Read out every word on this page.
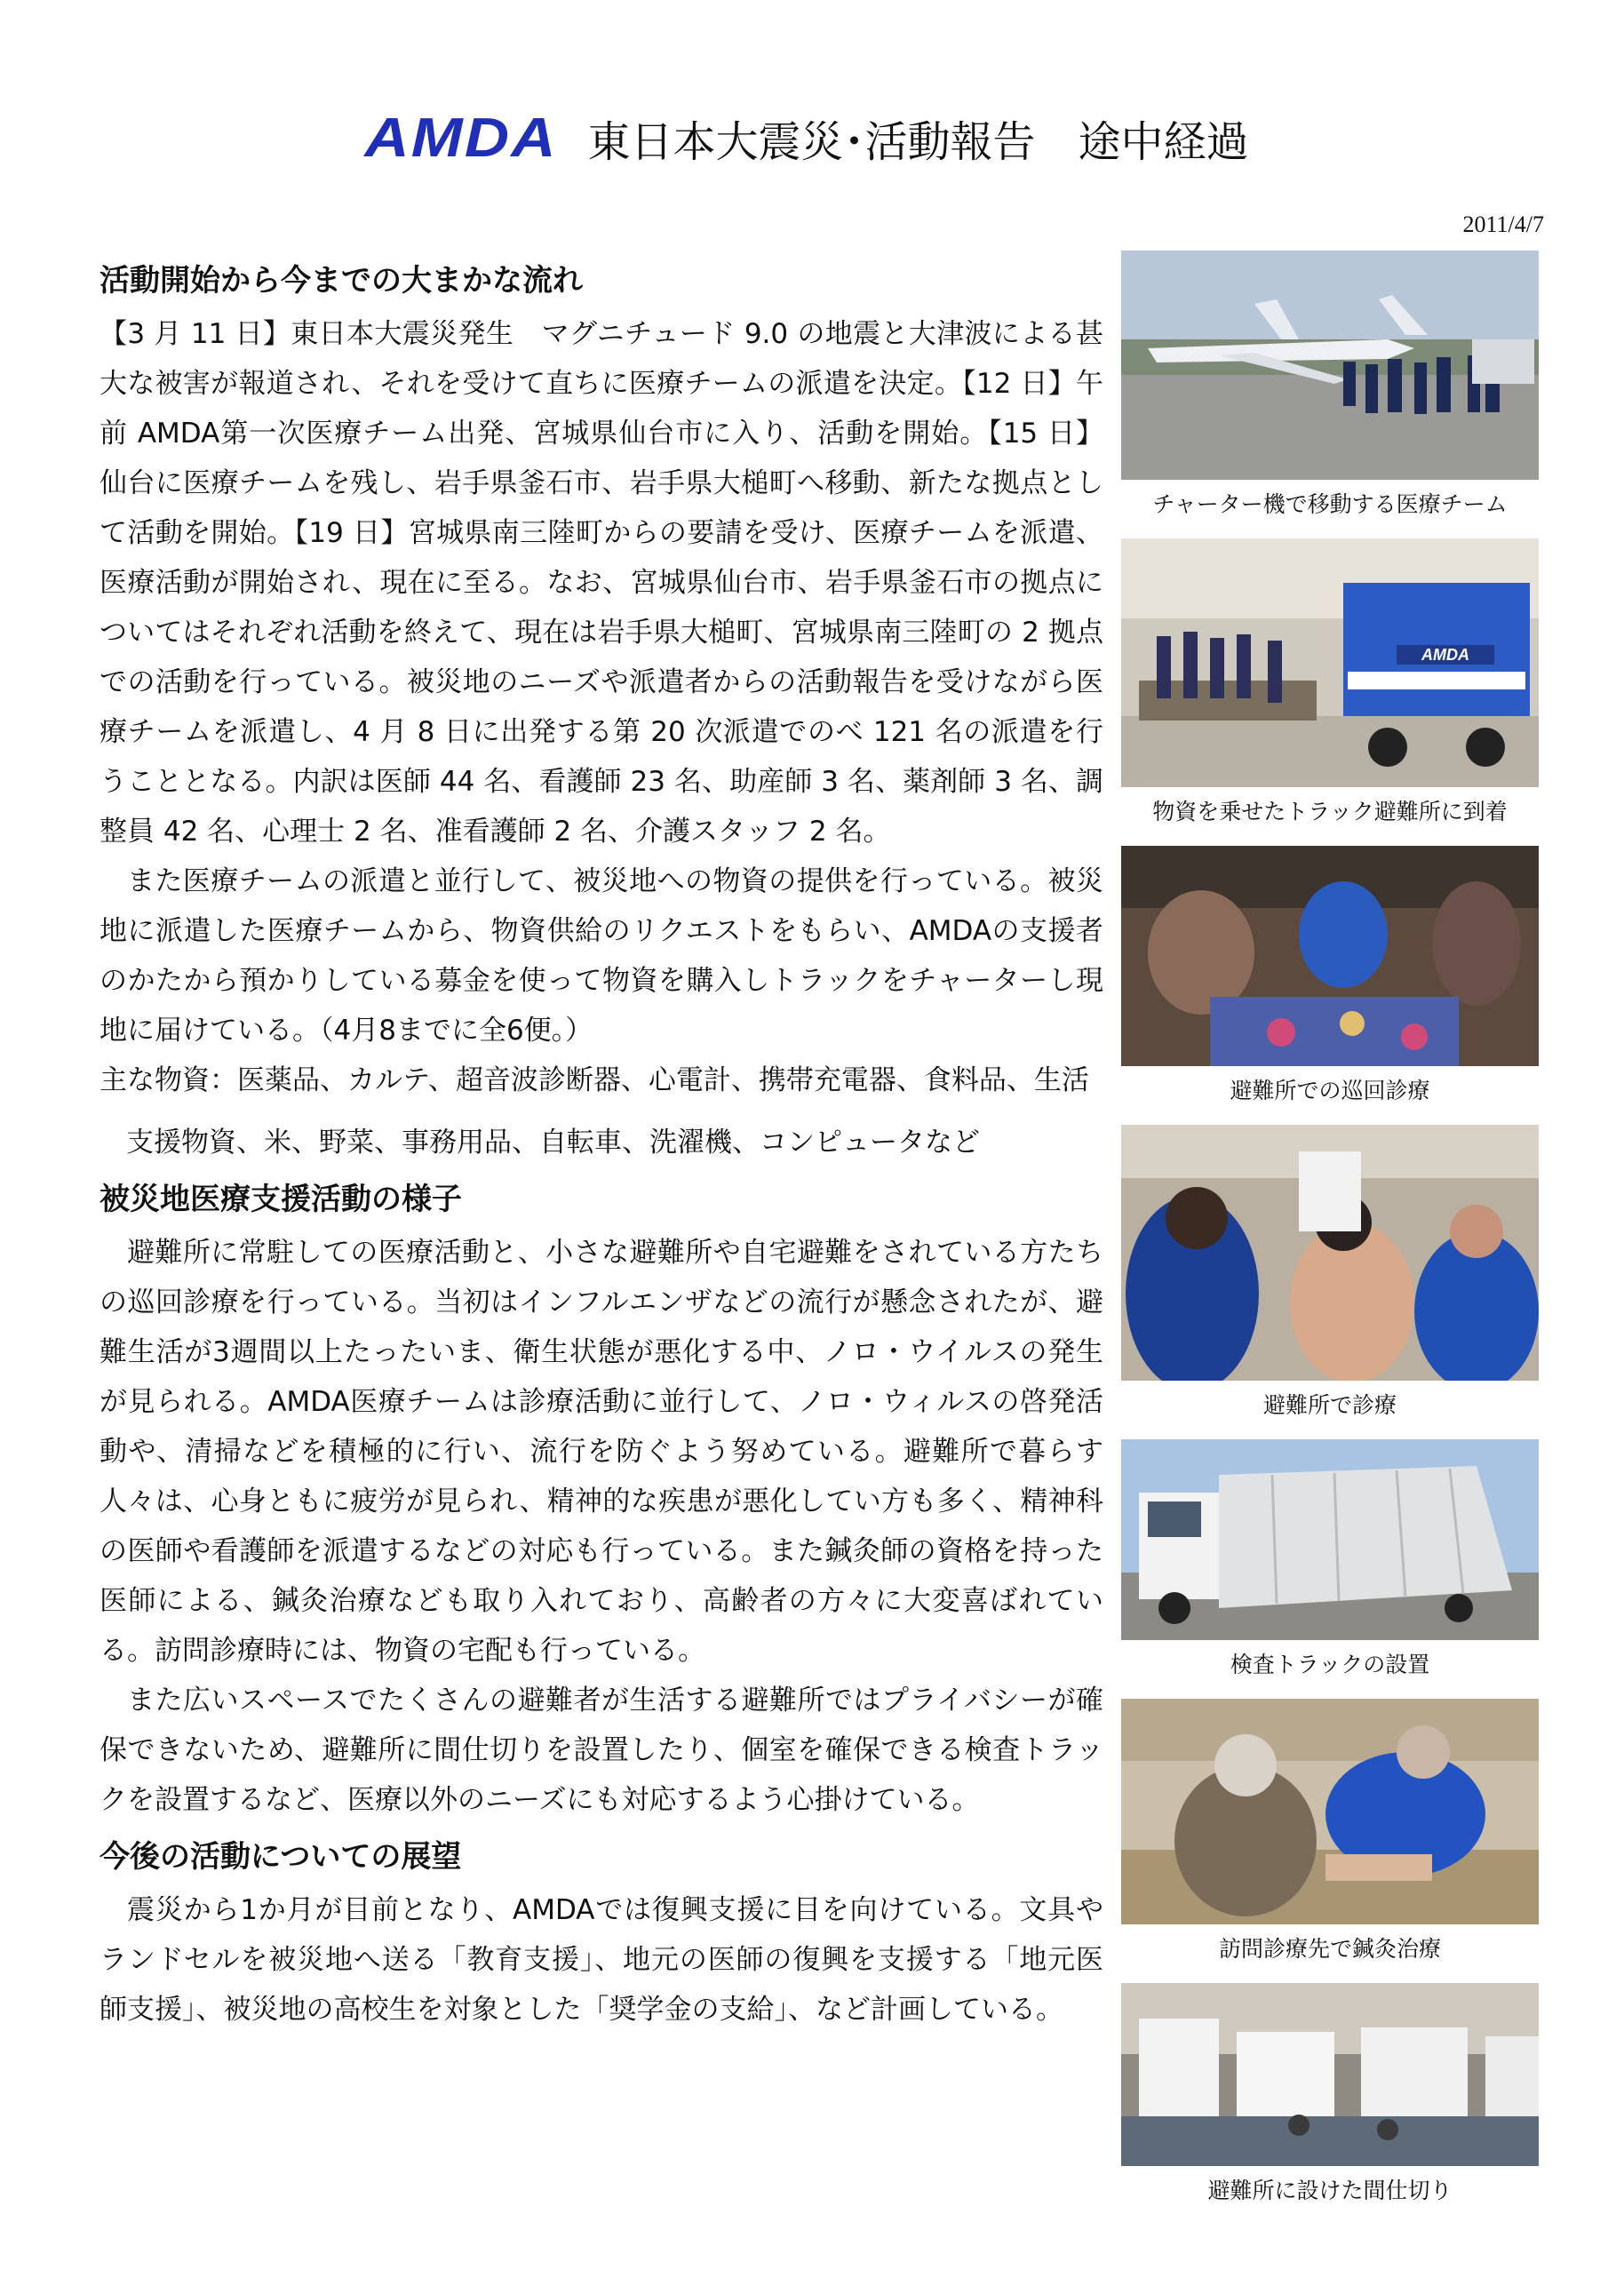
AMDA 東日本大震災･活動報告　途中経過
2011/4/7
活動開始から今までの大まかな流れ

【3 月 11 日】東日本大震災発生　マグニチュード 9.0 の地震と大津波による甚大な被害が報道され、それを受けて直ちに医療チームの派遣を決定。【12 日】午前 AMDA第一次医療チーム出発、宮城県仙台市に入り、活動を開始。【15 日】 仙台に医療チームを残し、岩手県釜石市、岩手県大槌町へ移動、新たな拠点として活動を開始。【19 日】宮城県南三陸町からの要請を受け、医療チームを派遣、医療活動が開始され、現在に至る。なお、宮城県仙台市、岩手県釜石市の拠点についてはそれぞれ活動を終えて、現在は岩手県大槌町、宮城県南三陸町の 2 拠点での活動を行っている。被災地のニーズや派遣者からの活動報告を受けながら医療チームを派遣し、4 月 8 日に出発する第 20 次派遣でのべ 121 名の派遣を行うこととなる。内訳は医師 44 名、看護師 23 名、助産師 3 名、薬剤師 3 名、調整員 42 名、心理士 2 名、准看護師 2 名、介護スタッフ 2 名。

また医療チームの派遣と並行して、被災地への物資の提供を行っている。被災地に派遣した医療チームから、物資供給のリクエストをもらい、AMDAの支援者のかたから預かりしている募金を使って物資を購入しトラックをチャーターし現地に届けている。（4月8までに全6便。）

主な物資：医薬品、カルテ、超音波診断器、心電計、携帯充電器、食料品、生活

支援物資、米、野菜、事務用品、自転車、洗濯機、コンピュータなど

被災地医療支援活動の様子

避難所に常駐しての医療活動と、小さな避難所や自宅避難をされている方たちの巡回診療を行っている。当初はインフルエンザなどの流行が懸念されたが、避難生活が3週間以上たったいま、衛生状態が悪化する中、ノロ・ウイルスの発生が見られる。AMDA医療チームは診療活動に並行して、ノロ・ウィルスの啓発活動や、清掃などを積極的に行い、流行を防ぐよう努めている。避難所で暮らす人々は、心身ともに疲労が見られ、精神的な疾患が悪化してい方も多く、精神科の医師や看護師を派遣するなどの対応も行っている。また鍼灸師の資格を持った医師による、鍼灸治療なども取り入れており、高齢者の方々に大変喜ばれている。訪問診療時には、物資の宅配も行っている。

また広いスペースでたくさんの避難者が生活する避難所ではプライバシーが確保できないため、避難所に間仕切りを設置したり、個室を確保できる検査トラックを設置するなど、医療以外のニーズにも対応するよう心掛けている。

今後の活動についての展望

震災から1か月が目前となり、AMDAでは復興支援に目を向けている。文具やランドセルを被災地へ送る「教育支援」、地元の医師の復興を支援する「地元医師支援」、被災地の高校生を対象とした「奨学金の支給」、など計画している。

チャーター機で移動する医療チーム
AMDA
物資を乗せたトラック避難所に到着
避難所での巡回診療
避難所で診療
検査トラックの設置
訪問診療先で鍼灸治療
避難所に設けた間仕切り
